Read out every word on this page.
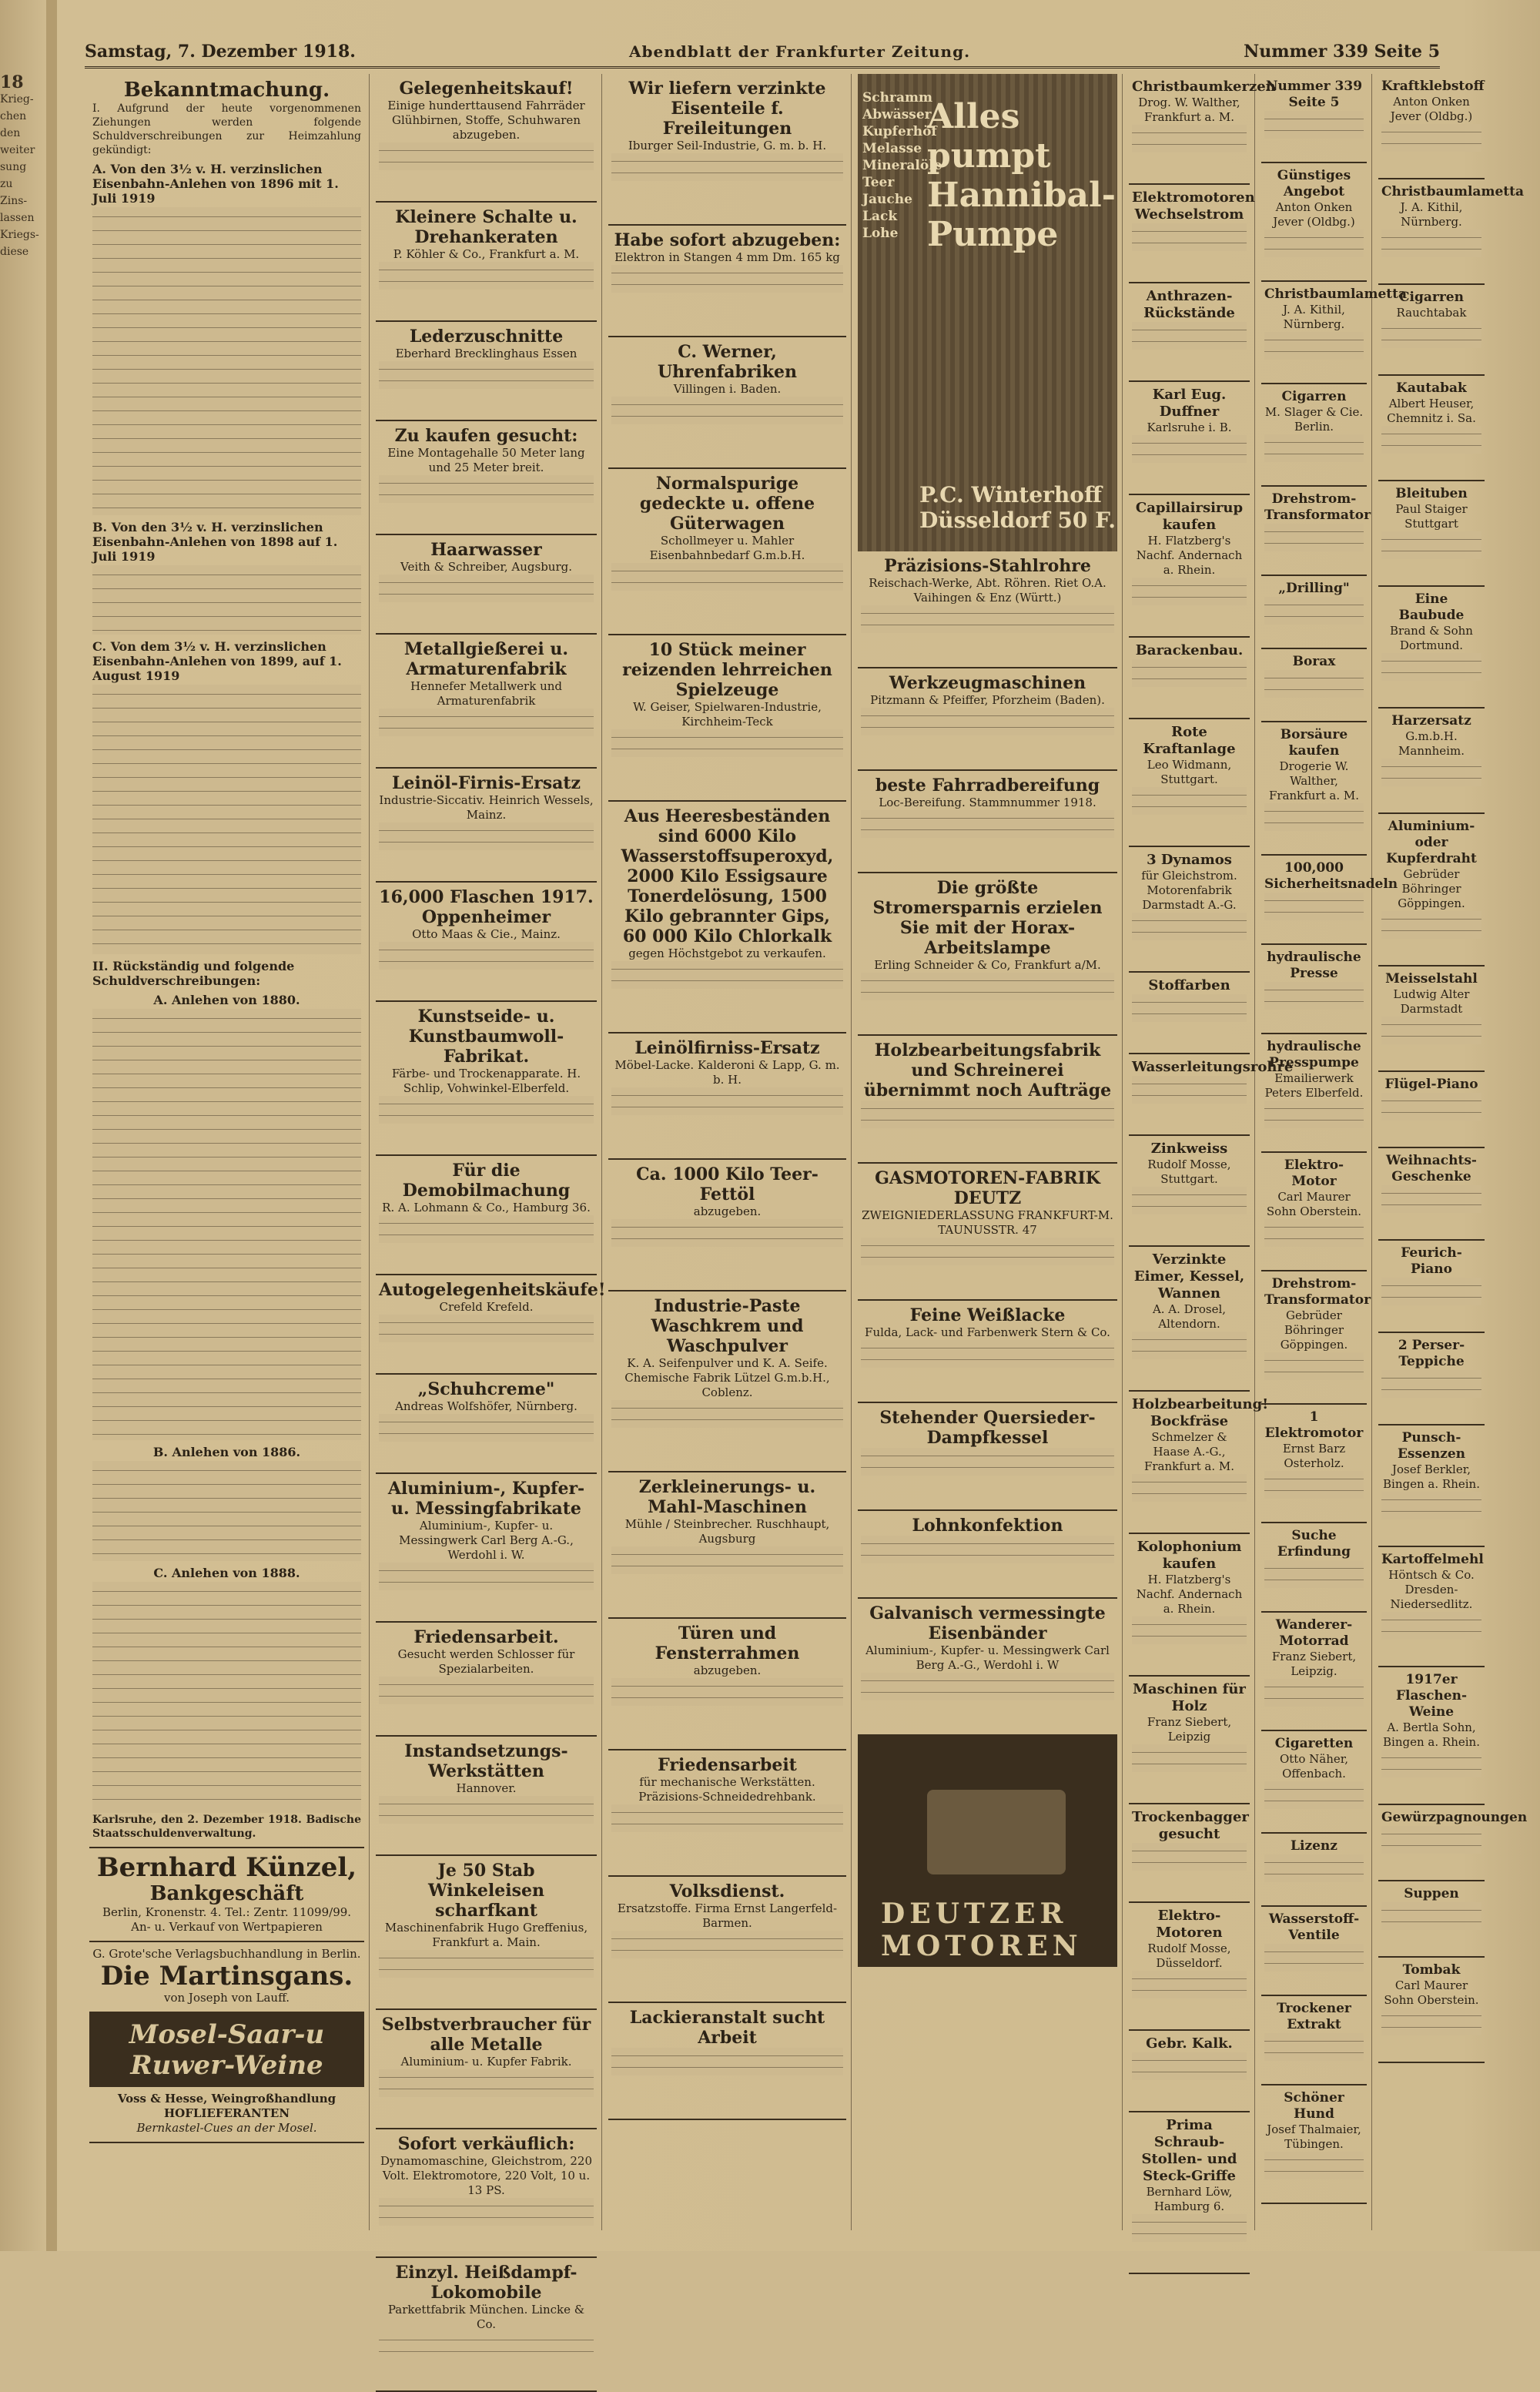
18
Krieg-
chen
den
weiter
sung
zu
Zins-
lassen
Kriegs-
diese
Samstag, 7. Dezember 1918.	Abendblatt der Frankfurter Zeitung.	Nummer 339 Seite 5
Bekanntmachung.
I. Aufgrund der heute vorgenommenen Ziehungen werden folgende Schuldverschreibungen zur Heimzahlung gekündigt:
A. Von den 3½ v. H. verzinslichen Eisenbahn-Anlehen von 1896 mit 1. Juli 1919
B. Von den 3½ v. H. verzinslichen Eisenbahn-Anlehen von 1898 auf 1. Juli 1919
C. Von dem 3½ v. H. verzinslichen Eisenbahn-Anlehen von 1899, auf 1. August 1919
II. Rückständig und folgende Schuldverschreibungen:
A. Anlehen von 1880.
B. Anlehen von 1886.
C. Anlehen von 1888.
Karlsruhe, den 2. Dezember 1918. Badische Staatsschuldenverwaltung.
Bernhard Künzel,
Bankgeschäft
Berlin, Kronenstr. 4. Tel.: Zentr. 11099/99. An- u. Verkauf von Wertpapieren
G. Grote'sche Verlagsbuchhandlung in Berlin.
Die Martinsgans.
von Joseph von Lauff.
Mosel-Saar-u Ruwer-Weine
Voss & Hesse, Weingroßhandlung HOFLIEFERANTEN
Bernkastel-Cues an der Mosel.
Gelegenheitskauf!
Einige hunderttausend Fahrräder Glühbirnen, Stoffe, Schuhwaren abzugeben.
Kleinere Schalte u. Drehankeraten
P. Köhler & Co., Frankfurt a. M.
Lederzuschnitte
Eberhard Brecklinghaus Essen
Zu kaufen gesucht:
Eine Montagehalle 50 Meter lang und 25 Meter breit.
Haarwasser
Veith & Schreiber, Augsburg.
Metallgießerei u. Armaturenfabrik
Hennefer Metallwerk und Armaturenfabrik
Leinöl-Firnis-Ersatz
Industrie-Siccativ. Heinrich Wessels, Mainz.
16,000 Flaschen 1917. Oppenheimer
Otto Maas & Cie., Mainz.
Kunstseide- u. Kunstbaumwoll-Fabrikat.
Färbe- und Trockenapparate. H. Schlip, Vohwinkel-Elberfeld.
Für die Demobilmachung
R. A. Lohmann & Co., Hamburg 36.
Autogelegenheitskäufe!
Crefeld Krefeld.
„Schuhcreme"
Andreas Wolfshöfer, Nürnberg.
Aluminium-, Kupfer- u. Messingfabrikate
Aluminium-, Kupfer- u. Messingwerk Carl Berg A.-G., Werdohl i. W.
Friedensarbeit.
Gesucht werden Schlosser für Spezialarbeiten.
Instandsetzungs-Werkstätten
Hannover.
Je 50 Stab Winkeleisen scharfkant
Maschinenfabrik Hugo Greffenius, Frankfurt a. Main.
Selbstverbraucher für alle Metalle
Aluminium- u. Kupfer Fabrik.
Sofort verkäuflich:
Dynamomaschine, Gleichstrom, 220 Volt. Elektromotore, 220 Volt, 10 u. 13 PS.
Einzyl. Heißdampf-Lokomobile
Parkettfabrik München. Lincke & Co.
Wir liefern verzinkte Eisenteile f. Freileitungen
Iburger Seil-Industrie, G. m. b. H.
Habe sofort abzugeben:
Elektron in Stangen 4 mm Dm. 165 kg
C. Werner, Uhrenfabriken
Villingen i. Baden.
Normalspurige gedeckte u. offene Güterwagen
Schollmeyer u. Mahler Eisenbahnbedarf G.m.b.H.
10 Stück meiner reizenden lehrreichen Spielzeuge
W. Geiser, Spielwaren-Industrie, Kirchheim-Teck
Aus Heeresbeständen sind 6000 Kilo Wasserstoffsuperoxyd, 2000 Kilo Essigsaure Tonerdelösung, 1500 Kilo gebrannter Gips, 60 000 Kilo Chlorkalk
gegen Höchstgebot zu verkaufen.
Leinölfirniss-Ersatz
Möbel-Lacke. Kalderoni & Lapp, G. m. b. H.
Ca. 1000 Kilo Teer-Fettöl
abzugeben.
Industrie-Paste Waschkrem und Waschpulver
K. A. Seifenpulver und K. A. Seife. Chemische Fabrik Lützel G.m.b.H., Coblenz.
Zerkleinerungs- u. Mahl-Maschinen
Mühle / Steinbrecher. Ruschhaupt, Augsburg
Türen und Fensterrahmen
abzugeben.
Friedensarbeit
für mechanische Werkstätten. Präzisions-Schneidedrehbank.
Volksdienst.
Ersatzstoffe. Firma Ernst Langerfeld-Barmen.
Lackieranstalt sucht Arbeit
Schramm
Abwässer
Kupferhöf
Melasse
Mineralöle
Teer
Jauche
Lack
Lohe
Alles pumpt Hannibal-Pumpe
P.C. Winterhoff Düsseldorf 50 F.
Präzisions-Stahlrohre
Reischach-Werke, Abt. Röhren. Riet O.A. Vaihingen & Enz (Württ.)
Werkzeugmaschinen
Pitzmann & Pfeiffer, Pforzheim (Baden).
beste Fahrradbereifung
Loc-Bereifung. Stammnummer 1918.
Die größte Stromersparnis erzielen Sie mit der Horax-Arbeitslampe
Erling Schneider & Co, Frankfurt a/M.
Holzbearbeitungsfabrik und Schreinerei übernimmt noch Aufträge
GASMOTOREN-FABRIK DEUTZ
ZWEIGNIEDERLASSUNG FRANKFURT-M. TAUNUSSTR. 47
Feine Weißlacke
Fulda, Lack- und Farbenwerk Stern & Co.
Stehender Quersieder-Dampfkessel
Lohnkonfektion
Galvanisch vermessingte Eisenbänder
Aluminium-, Kupfer- u. Messingwerk Carl Berg A.-G., Werdohl i. W
DEUTZER MOTOREN
Christbaumkerzen
Drog. W. Walther, Frankfurt a. M.
Elektromotoren Wechselstrom
Anthrazen-Rückstände
Karl Eug. Duffner
Karlsruhe i. B.
Capillairsirup kaufen
H. Flatzberg's Nachf. Andernach a. Rhein.
Barackenbau.
Rote Kraftanlage
Leo Widmann, Stuttgart.
3 Dynamos
für Gleichstrom. Motorenfabrik Darmstadt A.-G.
Stoffarben
Wasserleitungsrohre
Zinkweiss
Rudolf Mosse, Stuttgart.
Verzinkte Eimer, Kessel, Wannen
A. A. Drosel, Altendorn.
Holzbearbeitung! Bockfräse
Schmelzer & Haase A.-G., Frankfurt a. M.
Kolophonium kaufen
H. Flatzberg's Nachf. Andernach a. Rhein.
Maschinen für Holz
Franz Siebert, Leipzig
Trockenbagger gesucht
Elektro-Motoren
Rudolf Mosse, Düsseldorf.
Gebr. Kalk.
Prima Schraub-Stollen- und Steck-Griffe
Bernhard Löw, Hamburg 6.
Nummer 339 Seite 5
Günstiges Angebot
Anton Onken Jever (Oldbg.)
Christbaumlametta
J. A. Kithil, Nürnberg.
Cigarren
M. Slager & Cie. Berlin.
Drehstrom-Transformator
„Drilling"
Borax
Borsäure kaufen
Drogerie W. Walther, Frankfurt a. M.
100,000 Sicherheitsnadeln
hydraulische Presse
hydraulische Presspumpe
Emailierwerk Peters Elberfeld.
Elektro-Motor
Carl Maurer Sohn Oberstein.
Drehstrom-Transformator
Gebrüder Böhringer Göppingen.
1 Elektromotor
Ernst Barz Osterholz.
Suche Erfindung
Wanderer-Motorrad
Franz Siebert, Leipzig.
Cigaretten
Otto Näher, Offenbach.
Lizenz
Wasserstoff-Ventile
Trockener Extrakt
Schöner Hund
Josef Thalmaier, Tübingen.
Kraftklebstoff
Anton Onken Jever (Oldbg.)
Christbaumlametta
J. A. Kithil, Nürnberg.
Cigarren
Rauchtabak
Kautabak
Albert Heuser, Chemnitz i. Sa.
Bleituben
Paul Staiger Stuttgart
Eine Baubude
Brand & Sohn Dortmund.
Harzersatz
G.m.b.H. Mannheim.
Aluminium- oder Kupferdraht
Gebrüder Böhringer Göppingen.
Meisselstahl
Ludwig Alter Darmstadt
Flügel-Piano
Weihnachts-Geschenke
Feurich-Piano
2 Perser-Teppiche
Punsch-Essenzen
Josef Berkler, Bingen a. Rhein.
Kartoffelmehl
Höntsch & Co. Dresden-Niedersedlitz.
1917er Flaschen-Weine
A. Bertla Sohn, Bingen a. Rhein.
Gewürzpagnoungen
Suppen
Tombak
Carl Maurer Sohn Oberstein.
